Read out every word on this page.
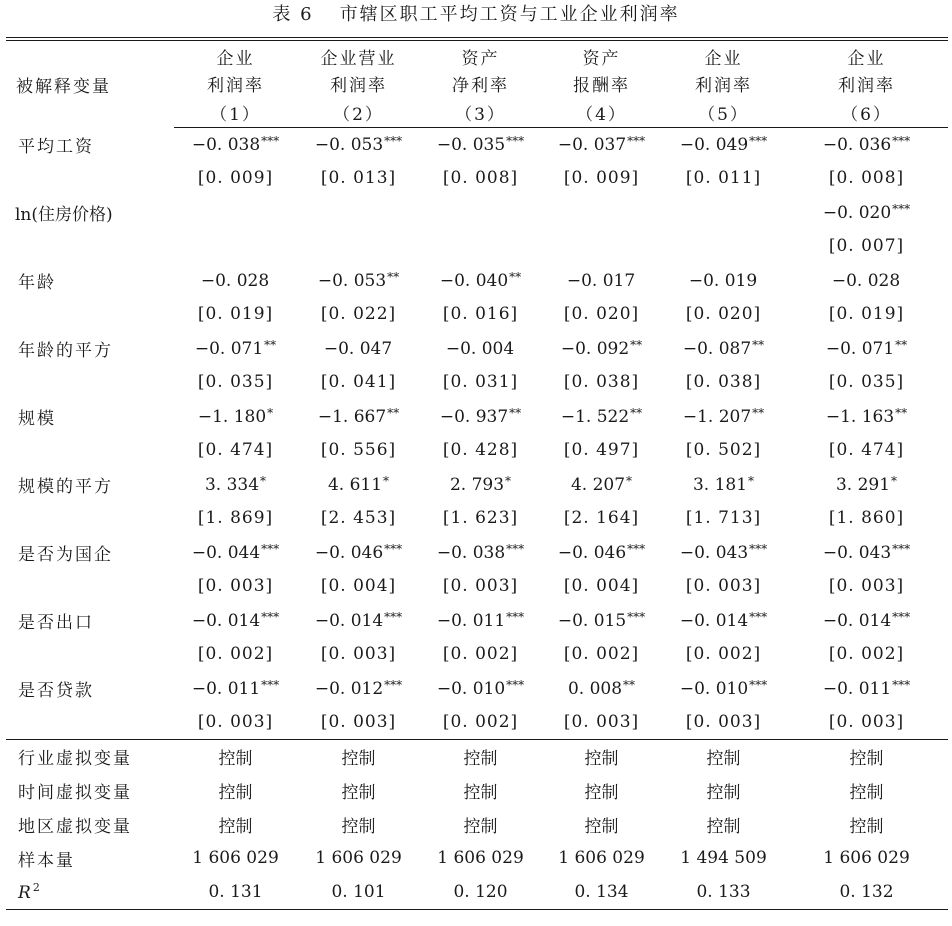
表 6 市辖区职工平均工资与工业企业利润率
被解释变量	企业	企业营业	资产	资产	企业	企业
	利润率	利润率	净利率	报酬率	利润率	利润率
	（1）	（2）	（3）	（4）	（5）	（6）
平均工资	−0. 038***	−0. 053***	−0. 035***	−0. 037***	−0. 049***	−0. 036***
	[0. 009]	[0. 013]	[0. 008]	[0. 009]	[0. 011]	[0. 008]
ln(住房价格)						−0. 020***
						[0. 007]
年龄	−0. 028	−0. 053**	−0. 040**	−0. 017	−0. 019	−0. 028
	[0. 019]	[0. 022]	[0. 016]	[0. 020]	[0. 020]	[0. 019]
年龄的平方	−0. 071**	−0. 047	−0. 004	−0. 092**	−0. 087**	−0. 071**
	[0. 035]	[0. 041]	[0. 031]	[0. 038]	[0. 038]	[0. 035]
规模	−1. 180*	−1. 667**	−0. 937**	−1. 522**	−1. 207**	−1. 163**
	[0. 474]	[0. 556]	[0. 428]	[0. 497]	[0. 502]	[0. 474]
规模的平方	3. 334*	4. 611*	2. 793*	4. 207*	3. 181*	3. 291*
	[1. 869]	[2. 453]	[1. 623]	[2. 164]	[1. 713]	[1. 860]
是否为国企	−0. 044***	−0. 046***	−0. 038***	−0. 046***	−0. 043***	−0. 043***
	[0. 003]	[0. 004]	[0. 003]	[0. 004]	[0. 003]	[0. 003]
是否出口	−0. 014***	−0. 014***	−0. 011***	−0. 015***	−0. 014***	−0. 014***
	[0. 002]	[0. 003]	[0. 002]	[0. 002]	[0. 002]	[0. 002]
是否贷款	−0. 011***	−0. 012***	−0. 010***	0. 008**	−0. 010***	−0. 011***
	[0. 003]	[0. 003]	[0. 002]	[0. 003]	[0. 003]	[0. 003]
行业虚拟变量	控制	控制	控制	控制	控制	控制
时间虚拟变量	控制	控制	控制	控制	控制	控制
地区虚拟变量	控制	控制	控制	控制	控制	控制
样本量	1 606 029	1 606 029	1 606 029	1 606 029	1 494 509	1 606 029
$R^2$	0. 131	0. 101	0. 120	0. 134	0. 133	0. 132
